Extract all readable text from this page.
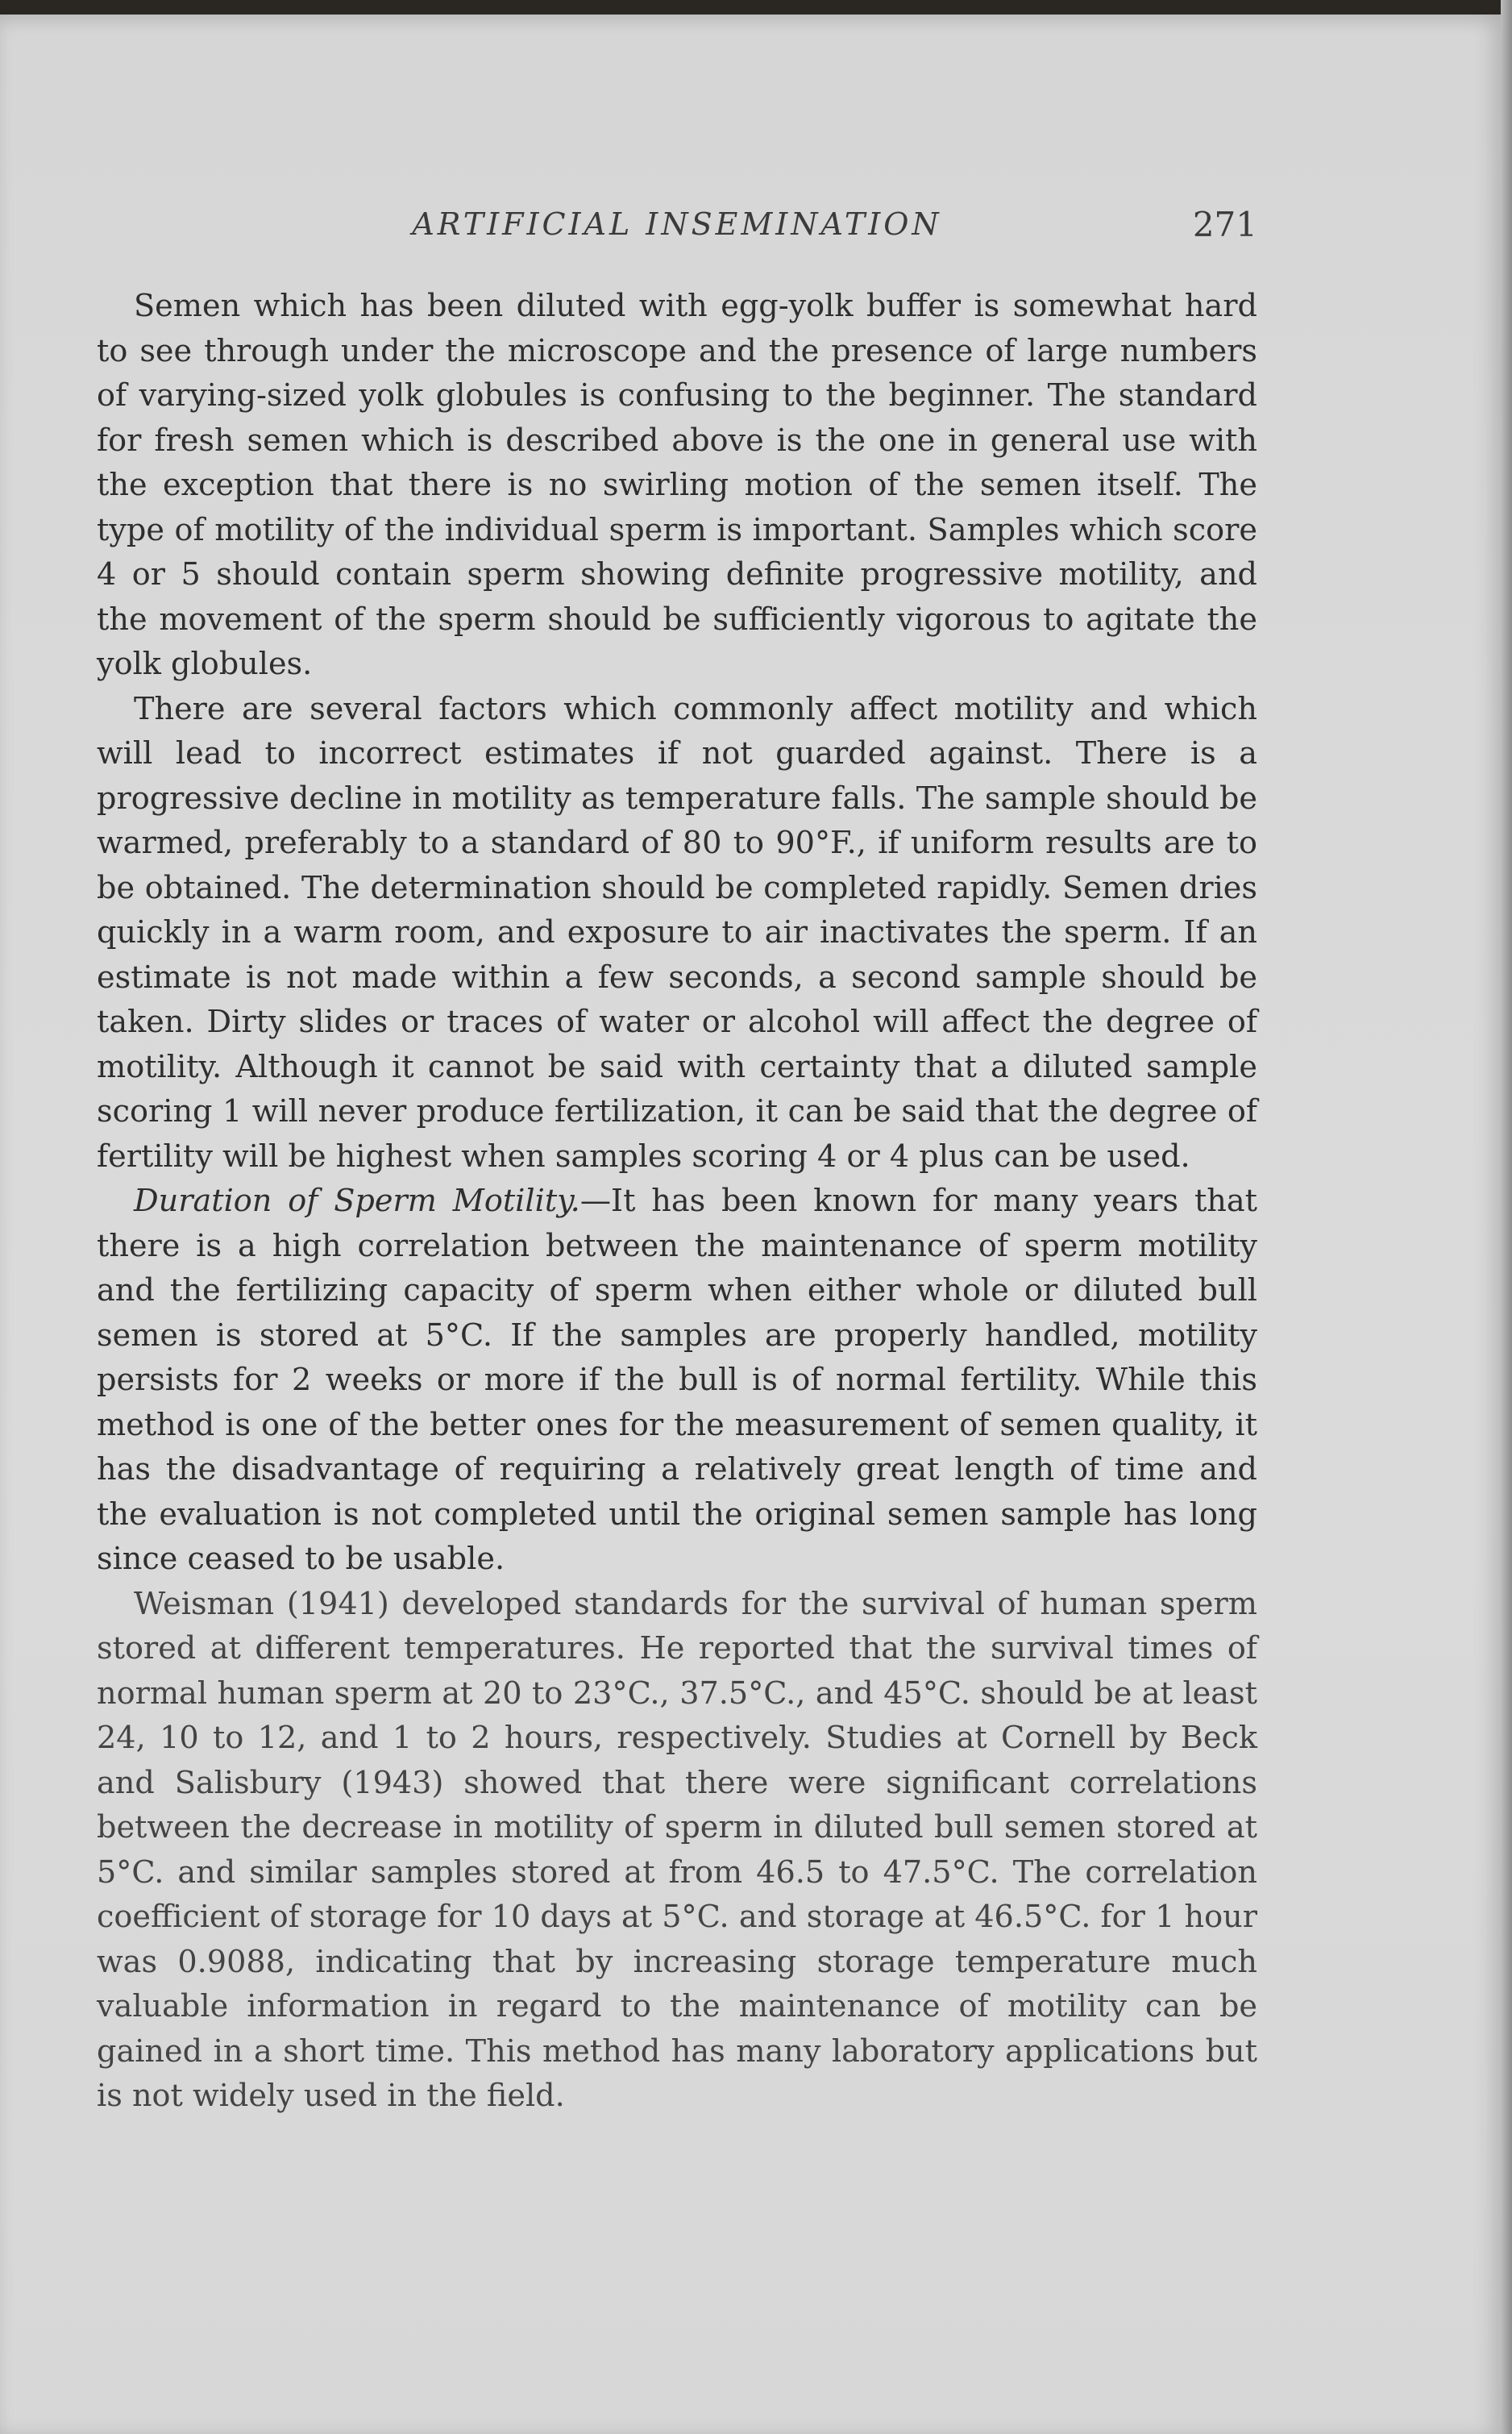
ARTIFICIAL INSEMINATION	271

Semen which has been diluted with egg-yolk buffer is somewhat hard to see through under the microscope and the presence of large numbers of varying-sized yolk globules is confusing to the beginner. The standard for fresh semen which is described above is the one in general use with the exception that there is no swirling motion of the semen itself. The type of motility of the individual sperm is important. Samples which score 4 or 5 should contain sperm showing definite progressive motility, and the movement of the sperm should be sufficiently vigorous to agitate the yolk globules.

There are several factors which commonly affect motility and which will lead to incorrect estimates if not guarded against. There is a progressive decline in motility as temperature falls. The sample should be warmed, preferably to a standard of 80 to 90°F., if uniform results are to be obtained. The determination should be completed rapidly. Semen dries quickly in a warm room, and exposure to air inactivates the sperm. If an estimate is not made within a few seconds, a second sample should be taken. Dirty slides or traces of water or alcohol will affect the degree of motility. Although it cannot be said with certainty that a diluted sample scoring 1 will never produce fertilization, it can be said that the degree of fertility will be highest when samples scoring 4 or 4 plus can be used.

Duration of Sperm Motility.—It has been known for many years that there is a high correlation between the maintenance of sperm motility and the fertilizing capacity of sperm when either whole or diluted bull semen is stored at 5°C. If the samples are properly handled, motility persists for 2 weeks or more if the bull is of normal fertility. While this method is one of the better ones for the measurement of semen quality, it has the disadvantage of requiring a relatively great length of time and the evaluation is not completed until the original semen sample has long since ceased to be usable.

Weisman (1941) developed standards for the survival of human sperm stored at different temperatures. He reported that the survival times of normal human sperm at 20 to 23°C., 37.5°C., and 45°C. should be at least 24, 10 to 12, and 1 to 2 hours, respectively. Studies at Cornell by Beck and Salisbury (1943) showed that there were significant correlations between the decrease in motility of sperm in diluted bull semen stored at 5°C. and similar samples stored at from 46.5 to 47.5°C. The correlation coefficient of storage for 10 days at 5°C. and storage at 46.5°C. for 1 hour was 0.9088, indicating that by increasing storage temperature much valuable information in regard to the maintenance of motility can be gained in a short time. This method has many laboratory applications but is not widely used in the field.
